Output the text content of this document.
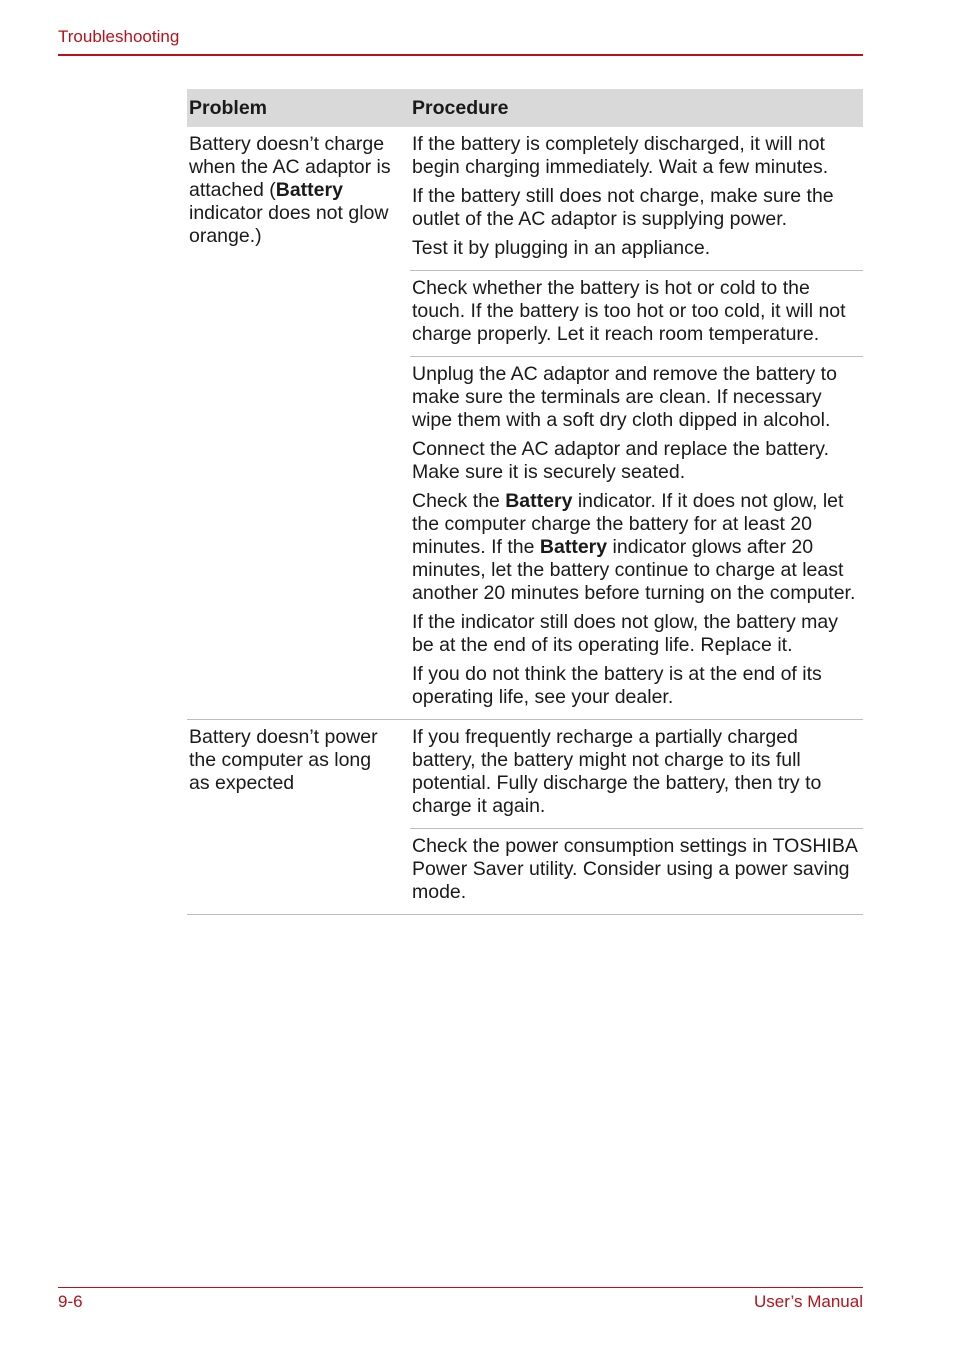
Troubleshooting
Problem	Procedure
Battery doesn’t charge when the AC adaptor is attached (Battery indicator does not glow orange.)

If the battery is completely discharged, it will not begin charging immediately. Wait a few minutes.

If the battery still does not charge, make sure the outlet of the AC adaptor is supplying power.

Test it by plugging in an appliance.

Check whether the battery is hot or cold to the touch. If the battery is too hot or too cold, it will not charge properly. Let it reach room temperature.

Unplug the AC adaptor and remove the battery to make sure the terminals are clean. If necessary wipe them with a soft dry cloth dipped in alcohol.

Connect the AC adaptor and replace the battery. Make sure it is securely seated.

Check the Battery indicator. If it does not glow, let the computer charge the battery for at least 20 minutes. If the Battery indicator glows after 20 minutes, let the battery continue to charge at least another 20 minutes before turning on the computer.

If the indicator still does not glow, the battery may be at the end of its operating life. Replace it.

If you do not think the battery is at the end of its operating life, see your dealer.

Battery doesn’t power the computer as long as expected

If you frequently recharge a partially charged battery, the battery might not charge to its full potential. Fully discharge the battery, then try to charge it again.

Check the power consumption settings in TOSHIBA Power Saver utility. Consider using a power saving mode.

9-6	User’s Manual
